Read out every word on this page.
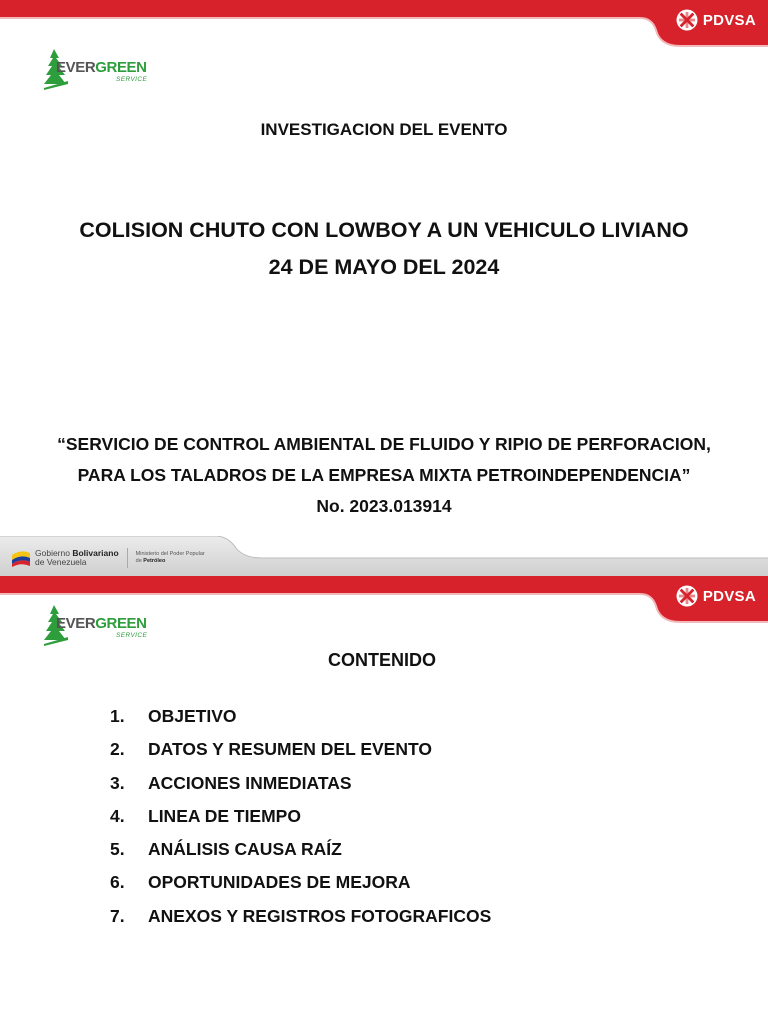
PDVSA
EVERGREEN
SERVICE
INVESTIGACION DEL EVENTO
COLISION CHUTO CON LOWBOY A UN VEHICULO LIVIANO
24 DE MAYO DEL 2024
“SERVICIO DE CONTROL AMBIENTAL DE FLUIDO Y RIPIO DE PERFORACION,
PARA LOS TALADROS DE LA EMPRESA MIXTA PETROINDEPENDENCIA”
No. 2023.013914
Gobierno Bolivariano
de Venezuela
Ministerio del Poder Popular
de Petróleo
PDVSA
EVERGREEN
SERVICE
CONTENIDO
1.	OBJETIVO
2.	DATOS Y RESUMEN DEL EVENTO
3.	ACCIONES INMEDIATAS
4.	LINEA DE TIEMPO
5.	ANÁLISIS CAUSA RAÍZ
6.	OPORTUNIDADES DE MEJORA
7.	ANEXOS Y REGISTROS FOTOGRAFICOS
